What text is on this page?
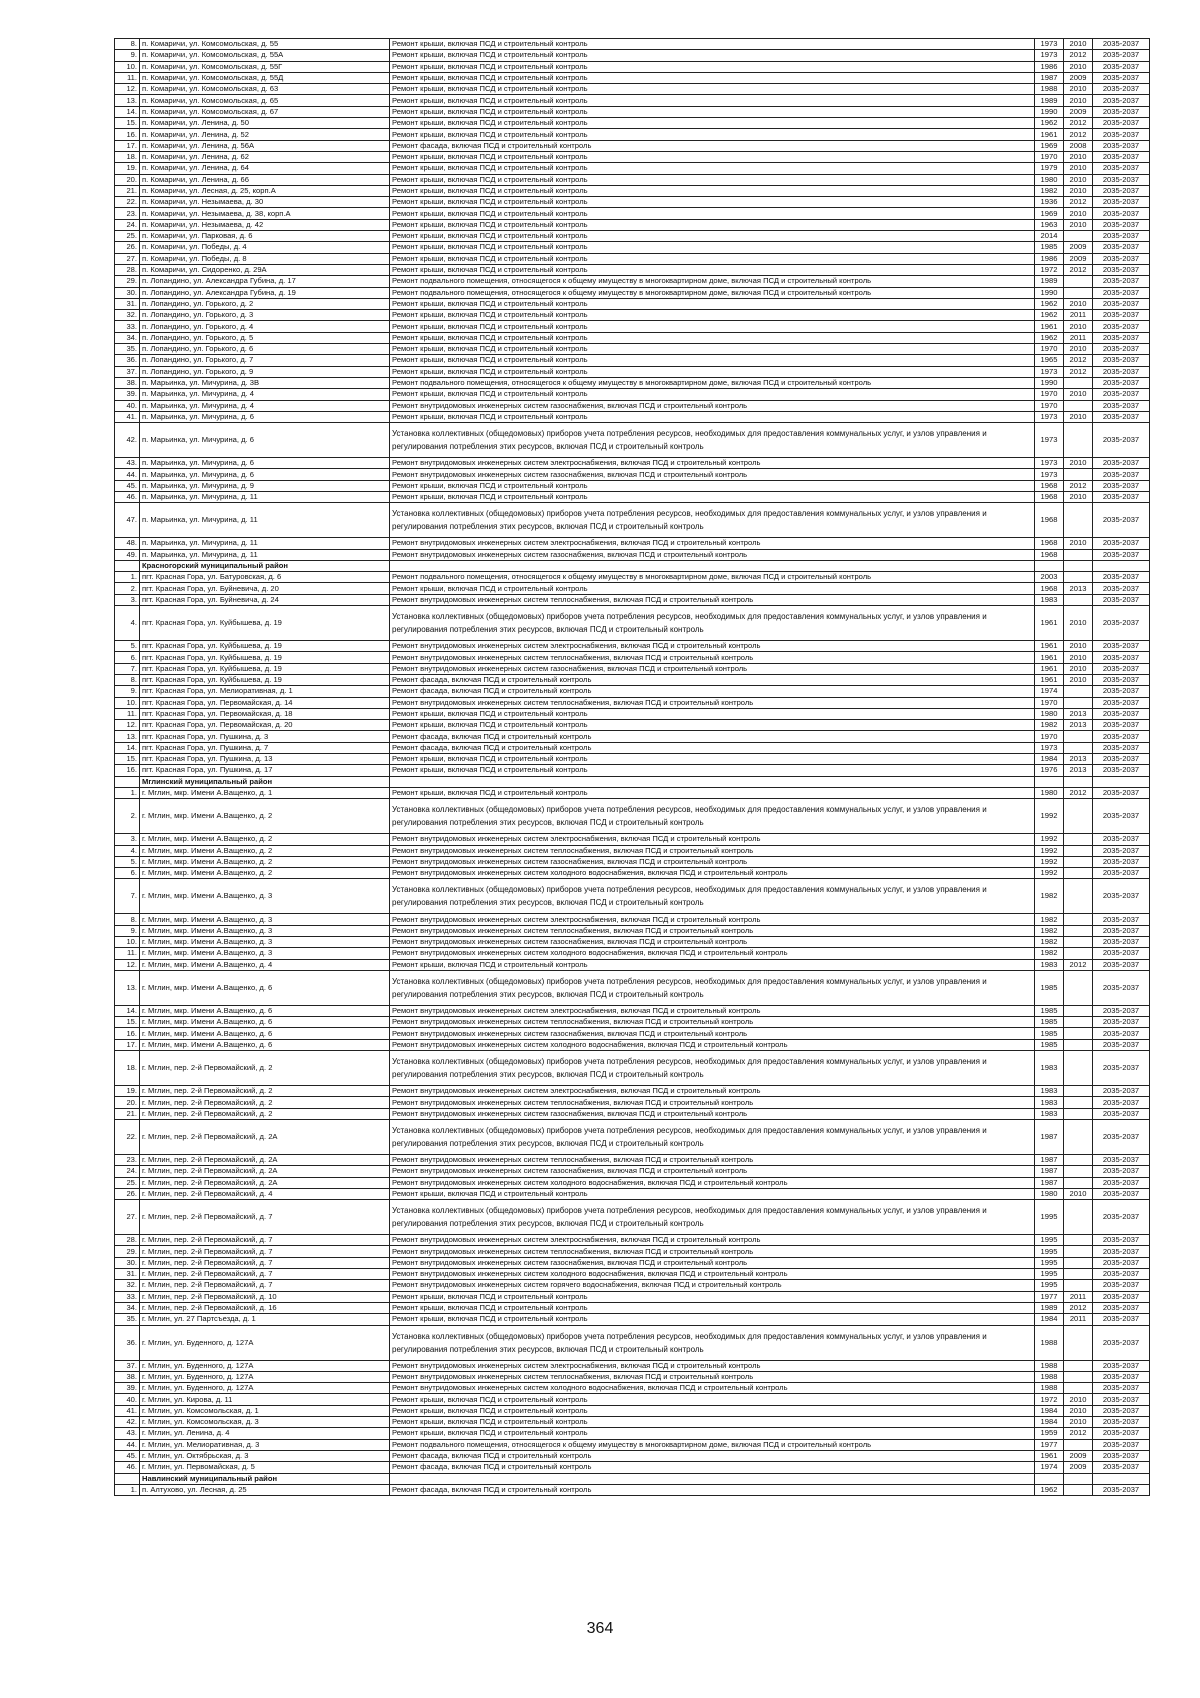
8.	п. Комаричи, ул. Комсомольская, д. 55	Ремонт крыши, включая ПСД и строительный контроль	1973	2010	2035-2037
9.	п. Комаричи, ул. Комсомольская, д. 55А	Ремонт крыши, включая ПСД и строительный контроль	1973	2012	2035-2037
10.	п. Комаричи, ул. Комсомольская, д. 55Г	Ремонт крыши, включая ПСД и строительный контроль	1986	2010	2035-2037
11.	п. Комаричи, ул. Комсомольская, д. 55Д	Ремонт крыши, включая ПСД и строительный контроль	1987	2009	2035-2037
12.	п. Комаричи, ул. Комсомольская, д. 63	Ремонт крыши, включая ПСД и строительный контроль	1988	2010	2035-2037
13.	п. Комаричи, ул. Комсомольская, д. 65	Ремонт крыши, включая ПСД и строительный контроль	1989	2010	2035-2037
14.	п. Комаричи, ул. Комсомольская, д. 67	Ремонт крыши, включая ПСД и строительный контроль	1990	2009	2035-2037
15.	п. Комаричи, ул. Ленина, д. 50	Ремонт крыши, включая ПСД и строительный контроль	1962	2012	2035-2037
16.	п. Комаричи, ул. Ленина, д. 52	Ремонт крыши, включая ПСД и строительный контроль	1961	2012	2035-2037
17.	п. Комаричи, ул. Ленина, д. 56А	Ремонт фасада, включая ПСД и строительный контроль	1969	2008	2035-2037
18.	п. Комаричи, ул. Ленина, д. 62	Ремонт крыши, включая ПСД и строительный контроль	1970	2010	2035-2037
19.	п. Комаричи, ул. Ленина, д. 64	Ремонт крыши, включая ПСД и строительный контроль	1979	2010	2035-2037
20.	п. Комаричи, ул. Ленина, д. 66	Ремонт крыши, включая ПСД и строительный контроль	1980	2010	2035-2037
21.	п. Комаричи, ул. Лесная, д. 25, корп.А	Ремонт крыши, включая ПСД и строительный контроль	1982	2010	2035-2037
22.	п. Комаричи, ул. Незымаева, д. 30	Ремонт крыши, включая ПСД и строительный контроль	1936	2012	2035-2037
23.	п. Комаричи, ул. Незымаева, д. 38, корп.А	Ремонт крыши, включая ПСД и строительный контроль	1969	2010	2035-2037
24.	п. Комаричи, ул. Незымаева, д. 42	Ремонт крыши, включая ПСД и строительный контроль	1963	2010	2035-2037
25.	п. Комаричи, ул. Парковая, д. 6	Ремонт крыши, включая ПСД и строительный контроль	2014		2035-2037
26.	п. Комаричи, ул. Победы, д. 4	Ремонт крыши, включая ПСД и строительный контроль	1985	2009	2035-2037
27.	п. Комаричи, ул. Победы, д. 8	Ремонт крыши, включая ПСД и строительный контроль	1986	2009	2035-2037
28.	п. Комаричи, ул. Сидоренко, д. 29А	Ремонт крыши, включая ПСД и строительный контроль	1972	2012	2035-2037
29.	п. Лопандино, ул. Александра Губина, д. 17	Ремонт подвального помещения, относящегося к общему имуществу в многоквартирном доме, включая ПСД и строительный контроль	1989		2035-2037
30.	п. Лопандино, ул. Александра Губина, д. 19	Ремонт подвального помещения, относящегося к общему имуществу в многоквартирном доме, включая ПСД и строительный контроль	1990		2035-2037
31.	п. Лопандино, ул. Горького, д. 2	Ремонт крыши, включая ПСД и строительный контроль	1962	2010	2035-2037
32.	п. Лопандино, ул. Горького, д. 3	Ремонт крыши, включая ПСД и строительный контроль	1962	2011	2035-2037
33.	п. Лопандино, ул. Горького, д. 4	Ремонт крыши, включая ПСД и строительный контроль	1961	2010	2035-2037
34.	п. Лопандино, ул. Горького, д. 5	Ремонт крыши, включая ПСД и строительный контроль	1962	2011	2035-2037
35.	п. Лопандино, ул. Горького, д. 6	Ремонт крыши, включая ПСД и строительный контроль	1970	2010	2035-2037
36.	п. Лопандино, ул. Горького, д. 7	Ремонт крыши, включая ПСД и строительный контроль	1965	2012	2035-2037
37.	п. Лопандино, ул. Горького, д. 9	Ремонт крыши, включая ПСД и строительный контроль	1973	2012	2035-2037
38.	п. Марьинка, ул. Мичурина, д. 3В	Ремонт подвального помещения, относящегося к общему имуществу в многоквартирном доме, включая ПСД и строительный контроль	1990		2035-2037
39.	п. Марьинка, ул. Мичурина, д. 4	Ремонт крыши, включая ПСД и строительный контроль	1970	2010	2035-2037
40.	п. Марьинка, ул. Мичурина, д. 4	Ремонт внутридомовых инженерных систем газоснабжения, включая ПСД и строительный контроль	1970		2035-2037
41.	п. Марьинка, ул. Мичурина, д. 6	Ремонт крыши, включая ПСД и строительный контроль	1973	2010	2035-2037
42.	п. Марьинка, ул. Мичурина, д. 6	Установка коллективных (общедомовых) приборов учета потребления ресурсов, необходимых для предоставления коммунальных услуг, и узлов управления и регулирования потребления этих ресурсов, включая ПСД и строительный контроль	1973		2035-2037
43.	п. Марьинка, ул. Мичурина, д. 6	Ремонт внутридомовых инженерных систем электроснабжения, включая ПСД и строительный контроль	1973	2010	2035-2037
44.	п. Марьинка, ул. Мичурина, д. 6	Ремонт внутридомовых инженерных систем газоснабжения, включая ПСД и строительный контроль	1973		2035-2037
45.	п. Марьинка, ул. Мичурина, д. 9	Ремонт крыши, включая ПСД и строительный контроль	1968	2012	2035-2037
46.	п. Марьинка, ул. Мичурина, д. 11	Ремонт крыши, включая ПСД и строительный контроль	1968	2010	2035-2037
47.	п. Марьинка, ул. Мичурина, д. 11	Установка коллективных (общедомовых) приборов учета потребления ресурсов, необходимых для предоставления коммунальных услуг, и узлов управления и регулирования потребления этих ресурсов, включая ПСД и строительный контроль	1968		2035-2037
48.	п. Марьинка, ул. Мичурина, д. 11	Ремонт внутридомовых инженерных систем электроснабжения, включая ПСД и строительный контроль	1968	2010	2035-2037
49.	п. Марьинка, ул. Мичурина, д. 11	Ремонт внутридомовых инженерных систем газоснабжения, включая ПСД и строительный контроль	1968		2035-2037
	Красногорский муниципальный район				
1.	пгт. Красная Гора, ул. Батуровская, д. 6	Ремонт подвального помещения, относящегося к общему имуществу в многоквартирном доме, включая ПСД и строительный контроль	2003		2035-2037
2.	пгт. Красная Гора, ул. Буйневича, д. 20	Ремонт крыши, включая ПСД и строительный контроль	1968	2013	2035-2037
3.	пгт. Красная Гора, ул. Буйневича, д. 24	Ремонт внутридомовых инженерных систем теплоснабжения, включая ПСД и строительный контроль	1983		2035-2037
4.	пгт. Красная Гора, ул. Куйбышева, д. 19	Установка коллективных (общедомовых) приборов учета потребления ресурсов, необходимых для предоставления коммунальных услуг, и узлов управления и регулирования потребления этих ресурсов, включая ПСД и строительный контроль	1961	2010	2035-2037
5.	пгт. Красная Гора, ул. Куйбышева, д. 19	Ремонт внутридомовых инженерных систем электроснабжения, включая ПСД и строительный контроль	1961	2010	2035-2037
6.	пгт. Красная Гора, ул. Куйбышева, д. 19	Ремонт внутридомовых инженерных систем теплоснабжения, включая ПСД и строительный контроль	1961	2010	2035-2037
7.	пгт. Красная Гора, ул. Куйбышева, д. 19	Ремонт внутридомовых инженерных систем газоснабжения, включая ПСД и строительный контроль	1961	2010	2035-2037
8.	пгт. Красная Гора, ул. Куйбышева, д. 19	Ремонт фасада, включая ПСД и строительный контроль	1961	2010	2035-2037
9.	пгт. Красная Гора, ул. Мелиоративная, д. 1	Ремонт фасада, включая ПСД и строительный контроль	1974		2035-2037
10.	пгт. Красная Гора, ул. Первомайская, д. 14	Ремонт внутридомовых инженерных систем теплоснабжения, включая ПСД и строительный контроль	1970		2035-2037
11.	пгт. Красная Гора, ул. Первомайская, д. 18	Ремонт крыши, включая ПСД и строительный контроль	1980	2013	2035-2037
12.	пгт. Красная Гора, ул. Первомайская, д. 20	Ремонт крыши, включая ПСД и строительный контроль	1982	2013	2035-2037
13.	пгт. Красная Гора, ул. Пушкина, д. 3	Ремонт фасада, включая ПСД и строительный контроль	1970		2035-2037
14.	пгт. Красная Гора, ул. Пушкина, д. 7	Ремонт фасада, включая ПСД и строительный контроль	1973		2035-2037
15.	пгт. Красная Гора, ул. Пушкина, д. 13	Ремонт крыши, включая ПСД и строительный контроль	1984	2013	2035-2037
16.	пгт. Красная Гора, ул. Пушкина, д. 17	Ремонт крыши, включая ПСД и строительный контроль	1976	2013	2035-2037
	Мглинский муниципальный район				
1.	г. Мглин, мкр. Имени А.Ващенко, д. 1	Ремонт крыши, включая ПСД и строительный контроль	1980	2012	2035-2037
2.	г. Мглин, мкр. Имени А.Ващенко, д. 2	Установка коллективных (общедомовых) приборов учета потребления ресурсов, необходимых для предоставления коммунальных услуг, и узлов управления и регулирования потребления этих ресурсов, включая ПСД и строительный контроль	1992		2035-2037
3.	г. Мглин, мкр. Имени А.Ващенко, д. 2	Ремонт внутридомовых инженерных систем электроснабжения, включая ПСД и строительный контроль	1992		2035-2037
4.	г. Мглин, мкр. Имени А.Ващенко, д. 2	Ремонт внутридомовых инженерных систем теплоснабжения, включая ПСД и строительный контроль	1992		2035-2037
5.	г. Мглин, мкр. Имени А.Ващенко, д. 2	Ремонт внутридомовых инженерных систем газоснабжения, включая ПСД и строительный контроль	1992		2035-2037
6.	г. Мглин, мкр. Имени А.Ващенко, д. 2	Ремонт внутридомовых инженерных систем холодного водоснабжения, включая ПСД и строительный контроль	1992		2035-2037
7.	г. Мглин, мкр. Имени А.Ващенко, д. 3	Установка коллективных (общедомовых) приборов учета потребления ресурсов, необходимых для предоставления коммунальных услуг, и узлов управления и регулирования потребления этих ресурсов, включая ПСД и строительный контроль	1982		2035-2037
8.	г. Мглин, мкр. Имени А.Ващенко, д. 3	Ремонт внутридомовых инженерных систем электроснабжения, включая ПСД и строительный контроль	1982		2035-2037
9.	г. Мглин, мкр. Имени А.Ващенко, д. 3	Ремонт внутридомовых инженерных систем теплоснабжения, включая ПСД и строительный контроль	1982		2035-2037
10.	г. Мглин, мкр. Имени А.Ващенко, д. 3	Ремонт внутридомовых инженерных систем газоснабжения, включая ПСД и строительный контроль	1982		2035-2037
11.	г. Мглин, мкр. Имени А.Ващенко, д. 3	Ремонт внутридомовых инженерных систем холодного водоснабжения, включая ПСД и строительный контроль	1982		2035-2037
12.	г. Мглин, мкр. Имени А.Ващенко, д. 4	Ремонт крыши, включая ПСД и строительный контроль	1983	2012	2035-2037
13.	г. Мглин, мкр. Имени А.Ващенко, д. 6	Установка коллективных (общедомовых) приборов учета потребления ресурсов, необходимых для предоставления коммунальных услуг, и узлов управления и регулирования потребления этих ресурсов, включая ПСД и строительный контроль	1985		2035-2037
14.	г. Мглин, мкр. Имени А.Ващенко, д. 6	Ремонт внутридомовых инженерных систем электроснабжения, включая ПСД и строительный контроль	1985		2035-2037
15.	г. Мглин, мкр. Имени А.Ващенко, д. 6	Ремонт внутридомовых инженерных систем теплоснабжения, включая ПСД и строительный контроль	1985		2035-2037
16.	г. Мглин, мкр. Имени А.Ващенко, д. 6	Ремонт внутридомовых инженерных систем газоснабжения, включая ПСД и строительный контроль	1985		2035-2037
17.	г. Мглин, мкр. Имени А.Ващенко, д. 6	Ремонт внутридомовых инженерных систем холодного водоснабжения, включая ПСД и строительный контроль	1985		2035-2037
18.	г. Мглин, пер. 2-й Первомайский, д. 2	Установка коллективных (общедомовых) приборов учета потребления ресурсов, необходимых для предоставления коммунальных услуг, и узлов управления и регулирования потребления этих ресурсов, включая ПСД и строительный контроль	1983		2035-2037
19.	г. Мглин, пер. 2-й Первомайский, д. 2	Ремонт внутридомовых инженерных систем электроснабжения, включая ПСД и строительный контроль	1983		2035-2037
20.	г. Мглин, пер. 2-й Первомайский, д. 2	Ремонт внутридомовых инженерных систем теплоснабжения, включая ПСД и строительный контроль	1983		2035-2037
21.	г. Мглин, пер. 2-й Первомайский, д. 2	Ремонт внутридомовых инженерных систем газоснабжения, включая ПСД и строительный контроль	1983		2035-2037
22.	г. Мглин, пер. 2-й Первомайский, д. 2А	Установка коллективных (общедомовых) приборов учета потребления ресурсов, необходимых для предоставления коммунальных услуг, и узлов управления и регулирования потребления этих ресурсов, включая ПСД и строительный контроль	1987		2035-2037
23.	г. Мглин, пер. 2-й Первомайский, д. 2А	Ремонт внутридомовых инженерных систем теплоснабжения, включая ПСД и строительный контроль	1987		2035-2037
24.	г. Мглин, пер. 2-й Первомайский, д. 2А	Ремонт внутридомовых инженерных систем газоснабжения, включая ПСД и строительный контроль	1987		2035-2037
25.	г. Мглин, пер. 2-й Первомайский, д. 2А	Ремонт внутридомовых инженерных систем холодного водоснабжения, включая ПСД и строительный контроль	1987		2035-2037
26.	г. Мглин, пер. 2-й Первомайский, д. 4	Ремонт крыши, включая ПСД и строительный контроль	1980	2010	2035-2037
27.	г. Мглин, пер. 2-й Первомайский, д. 7	Установка коллективных (общедомовых) приборов учета потребления ресурсов, необходимых для предоставления коммунальных услуг, и узлов управления и регулирования потребления этих ресурсов, включая ПСД и строительный контроль	1995		2035-2037
28.	г. Мглин, пер. 2-й Первомайский, д. 7	Ремонт внутридомовых инженерных систем электроснабжения, включая ПСД и строительный контроль	1995		2035-2037
29.	г. Мглин, пер. 2-й Первомайский, д. 7	Ремонт внутридомовых инженерных систем теплоснабжения, включая ПСД и строительный контроль	1995		2035-2037
30.	г. Мглин, пер. 2-й Первомайский, д. 7	Ремонт внутридомовых инженерных систем газоснабжения, включая ПСД и строительный контроль	1995		2035-2037
31.	г. Мглин, пер. 2-й Первомайский, д. 7	Ремонт внутридомовых инженерных систем холодного водоснабжения, включая ПСД и строительный контроль	1995		2035-2037
32.	г. Мглин, пер. 2-й Первомайский, д. 7	Ремонт внутридомовых инженерных систем горячего водоснабжения, включая ПСД и строительный контроль	1995		2035-2037
33.	г. Мглин, пер. 2-й Первомайский, д. 10	Ремонт крыши, включая ПСД и строительный контроль	1977	2011	2035-2037
34.	г. Мглин, пер. 2-й Первомайский, д. 16	Ремонт крыши, включая ПСД и строительный контроль	1989	2012	2035-2037
35.	г. Мглин, ул. 27 Партсъезда, д. 1	Ремонт крыши, включая ПСД и строительный контроль	1984	2011	2035-2037
36.	г. Мглин, ул. Буденного, д. 127А	Установка коллективных (общедомовых) приборов учета потребления ресурсов, необходимых для предоставления коммунальных услуг, и узлов управления и регулирования потребления этих ресурсов, включая ПСД и строительный контроль	1988		2035-2037
37.	г. Мглин, ул. Буденного, д. 127А	Ремонт внутридомовых инженерных систем электроснабжения, включая ПСД и строительный контроль	1988		2035-2037
38.	г. Мглин, ул. Буденного, д. 127А	Ремонт внутридомовых инженерных систем теплоснабжения, включая ПСД и строительный контроль	1988		2035-2037
39.	г. Мглин, ул. Буденного, д. 127А	Ремонт внутридомовых инженерных систем холодного водоснабжения, включая ПСД и строительный контроль	1988		2035-2037
40.	г. Мглин, ул. Кирова, д. 11	Ремонт крыши, включая ПСД и строительный контроль	1972	2010	2035-2037
41.	г. Мглин, ул. Комсомольская, д. 1	Ремонт крыши, включая ПСД и строительный контроль	1984	2010	2035-2037
42.	г. Мглин, ул. Комсомольская, д. 3	Ремонт крыши, включая ПСД и строительный контроль	1984	2010	2035-2037
43.	г. Мглин, ул. Ленина, д. 4	Ремонт крыши, включая ПСД и строительный контроль	1959	2012	2035-2037
44.	г. Мглин, ул. Мелиоративная, д. 3	Ремонт подвального помещения, относящегося к общему имуществу в многоквартирном доме, включая ПСД и строительный контроль	1977		2035-2037
45.	г. Мглин, ул. Октябрьская, д. 3	Ремонт фасада, включая ПСД и строительный контроль	1961	2009	2035-2037
46.	г. Мглин, ул. Первомайская, д. 5	Ремонт фасада, включая ПСД и строительный контроль	1974	2009	2035-2037
	Навлинский муниципальный район				
1.	п. Алтухово, ул. Лесная, д. 25	Ремонт фасада, включая ПСД и строительный контроль	1962		2035-2037
364
